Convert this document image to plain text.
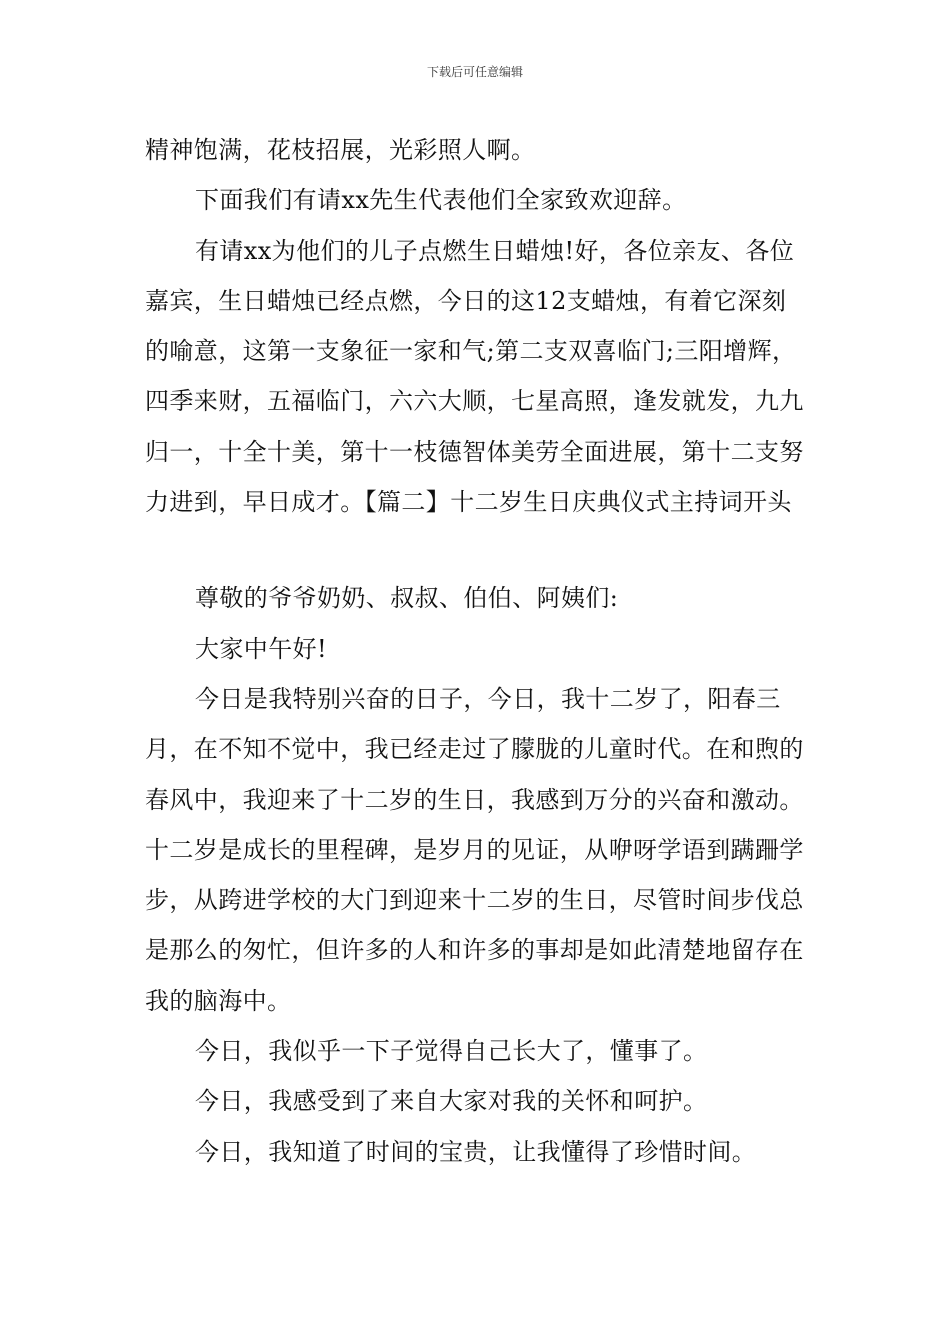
下载后可任意编辑

精神饱满，花枝招展，光彩照人啊。

下面我们有请xx先生代表他们全家致欢迎辞。

有请xx为他们的儿子点燃生日蜡烛!好，各位亲友、各位嘉宾，生日蜡烛已经点燃，今日的这12支蜡烛，有着它深刻的喻意，这第一支象征一家和气;第二支双喜临门;三阳增辉，四季来财，五福临门，六六大顺，七星高照，逢发就发，九九归一，十全十美，第十一枝德智体美劳全面进展，第十二支努力进到，早日成才。【篇二】十二岁生日庆典仪式主持词开头

尊敬的爷爷奶奶、叔叔、伯伯、阿姨们:

大家中午好!

今日是我特别兴奋的日子，今日，我十二岁了，阳春三月，在不知不觉中，我已经走过了朦胧的儿童时代。在和煦的春风中，我迎来了十二岁的生日，我感到万分的兴奋和激动。十二岁是成长的里程碑，是岁月的见证，从咿呀学语到蹒跚学步，从跨进学校的大门到迎来十二岁的生日，尽管时间步伐总是那么的匆忙，但许多的人和许多的事却是如此清楚地留存在我的脑海中。

今日，我似乎一下子觉得自己长大了，懂事了。

今日，我感受到了来自大家对我的关怀和呵护。

今日，我知道了时间的宝贵，让我懂得了珍惜时间。
